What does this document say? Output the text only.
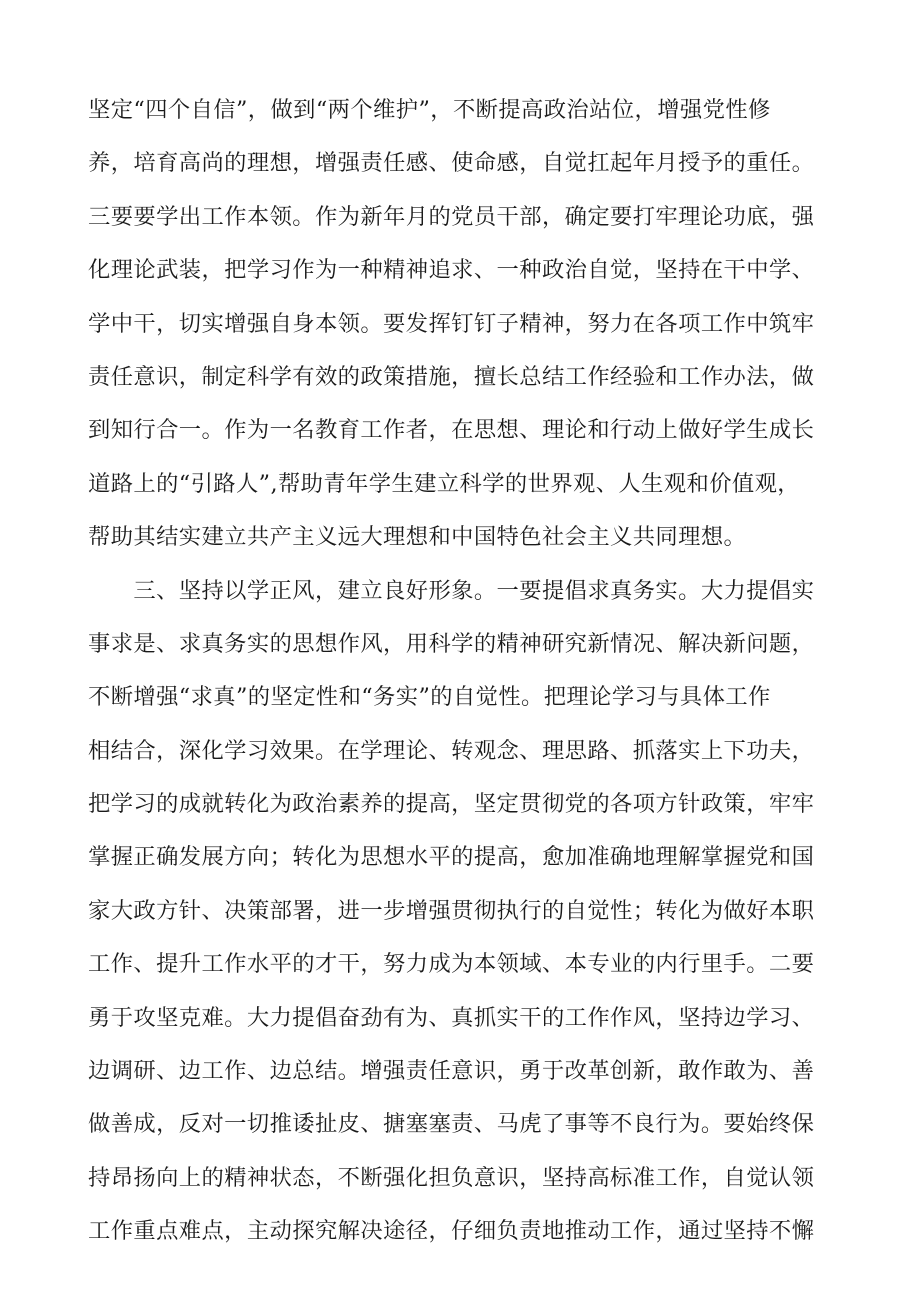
坚定“四个自信”，做到“两个维护”，不断提高政治站位，增强党性修
养，培育高尚的理想，增强责任感、使命感，自觉扛起年月授予的重任。
三要要学出工作本领。作为新年月的党员干部，确定要打牢理论功底，强
化理论武装，把学习作为一种精神追求、一种政治自觉，坚持在干中学、
学中干，切实增强自身本领。要发挥钉钉子精神，努力在各项工作中筑牢
责任意识，制定科学有效的政策措施，擅长总结工作经验和工作办法，做
到知行合一。作为一名教育工作者，在思想、理论和行动上做好学生成长
道路上的“引路人”,帮助青年学生建立科学的世界观、人生观和价值观，
帮助其结实建立共产主义远大理想和中国特色社会主义共同理想。
　　三、坚持以学正风，建立良好形象。一要提倡求真务实。大力提倡实
事求是、求真务实的思想作风，用科学的精神研究新情况、解决新问题，
不断增强“求真”的坚定性和“务实”的自觉性。把理论学习与具体工作
相结合，深化学习效果。在学理论、转观念、理思路、抓落实上下功夫，
把学习的成就转化为政治素养的提高，坚定贯彻党的各项方针政策，牢牢
掌握正确发展方向；转化为思想水平的提高，愈加准确地理解掌握党和国
家大政方针、决策部署，进一步增强贯彻执行的自觉性；转化为做好本职
工作、提升工作水平的才干，努力成为本领域、本专业的内行里手。二要
勇于攻坚克难。大力提倡奋劲有为、真抓实干的工作作风，坚持边学习、
边调研、边工作、边总结。增强责任意识，勇于改革创新，敢作敢为、善
做善成，反对一切推诿扯皮、搪塞塞责、马虎了事等不良行为。要始终保
持昂扬向上的精神状态，不断强化担负意识，坚持高标准工作，自觉认领
工作重点难点，主动探究解决途径，仔细负责地推动工作，通过坚持不懈
